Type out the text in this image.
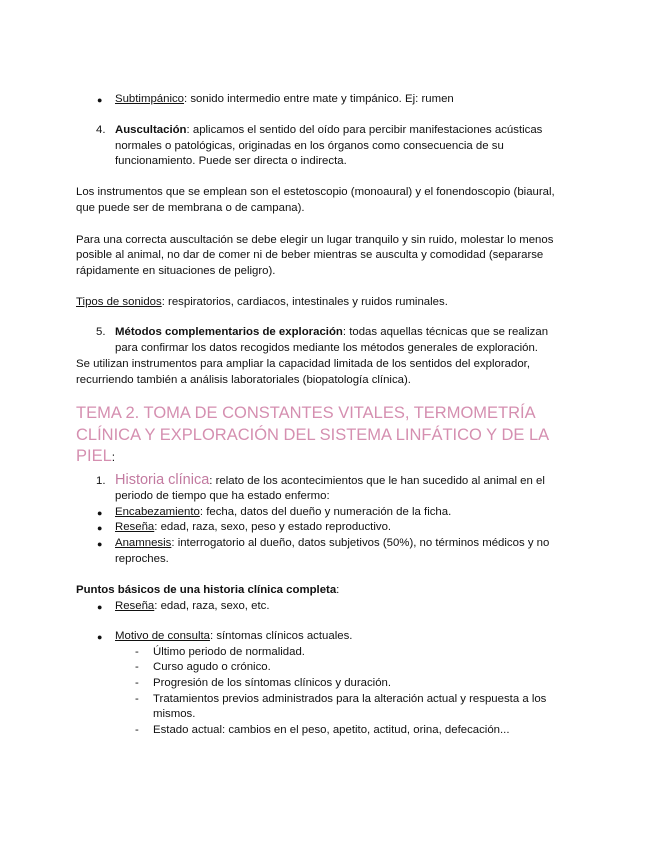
● Subtimpánico: sonido intermedio entre mate y timpánico. Ej: rumen
4. Auscultación: aplicamos el sentido del oído para percibir manifestaciones acústicas
normales o patológicas, originadas en los órganos como consecuencia de su
funcionamiento. Puede ser directa o indirecta.
Los instrumentos que se emplean son el estetoscopio (monoaural) y el fonendoscopio (biaural,
que puede ser de membrana o de campana).
Para una correcta auscultación se debe elegir un lugar tranquilo y sin ruido, molestar lo menos
posible al animal, no dar de comer ni de beber mientras se ausculta y comodidad (separarse
rápidamente en situaciones de peligro).
Tipos de sonidos: respiratorios, cardiacos, intestinales y ruidos ruminales.
5. Métodos complementarios de exploración: todas aquellas técnicas que se realizan
para confirmar los datos recogidos mediante los métodos generales de exploración.
Se utilizan instrumentos para ampliar la capacidad limitada de los sentidos del explorador,
recurriendo también a análisis laboratoriales (biopatología clínica).
TEMA 2. TOMA DE CONSTANTES VITALES, TERMOMETRÍA
CLÍNICA Y EXPLORACIÓN DEL SISTEMA LINFÁTICO Y DE LA
PIEL:
1. Historia clínica: relato de los acontecimientos que le han sucedido al animal en el
periodo de tiempo que ha estado enfermo:
● Encabezamiento: fecha, datos del dueño y numeración de la ficha.
● Reseña: edad, raza, sexo, peso y estado reproductivo.
● Anamnesis: interrogatorio al dueño, datos subjetivos (50%), no términos médicos y no
reproches.
Puntos básicos de una historia clínica completa:
● Reseña: edad, raza, sexo, etc.
● Motivo de consulta: síntomas clínicos actuales.
- Último periodo de normalidad.
- Curso agudo o crónico.
- Progresión de los síntomas clínicos y duración.
- Tratamientos previos administrados para la alteración actual y respuesta a los
mismos.
- Estado actual: cambios en el peso, apetito, actitud, orina, defecación...
